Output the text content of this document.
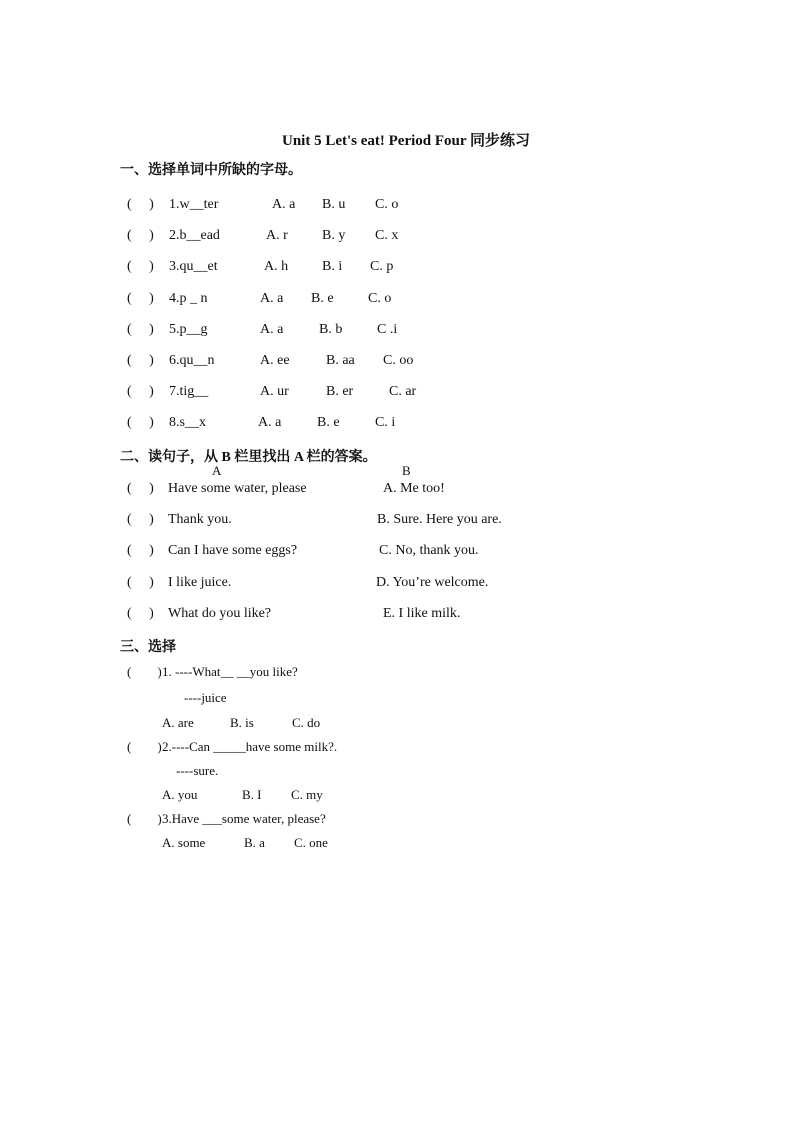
Unit 5 Let's eat! Period Four 同步练习
一、选择单词中所缺的字母。
(     ) 1.w__ter	A. a B. u C. o
(     ) 2.b__ead	A. r B. y C. x
(     ) 3.qu__et	A. h B. i C. p
(     ) 4.p _ n	A. a B. e C. o
(     ) 5.p__g	A. a	B. b C .i
(     ) 6.qu__n	A. ee	B. aa C. oo
(     ) 7.tig__	A. ur	B. er	C. ar
(     ) 8.s__x	A. a	B. e	C. i
二、读句子，从 B 栏里找出 A 栏的答案。
A	B
(     ) Have some water, please	A. Me too!
(     ) Thank you.	B. Sure. Here you are.
(     ) Can I have some eggs?	C. No, thank you.
(     ) I like juice.	D. You’re welcome.
(     ) What do you like?	E. I like milk.
三、选择
(        ) 1. ----What__ __you like?
----juice
A. are	B. is	C. do
(        ) 2.----Can _____have some milk?.
----sure.
A. you	B. I C. my
(        ) 3.Have ___some water, please?
A. some	B. a C. one
